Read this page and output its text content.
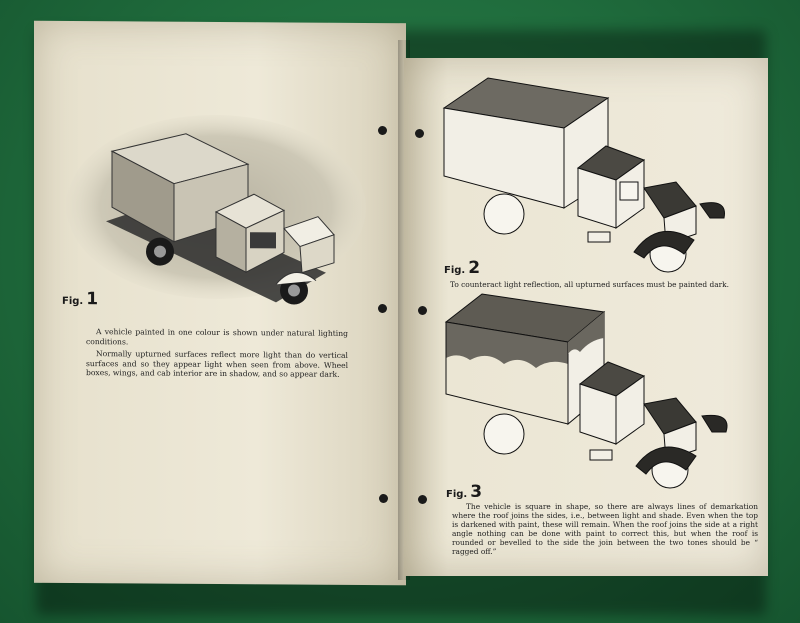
Fig. 1
A vehicle painted in one colour is shown under natural lighting conditions.
Normally upturned surfaces reflect more light than do vertical surfaces and so they appear light when seen from above. Wheel boxes, wings, and cab interior are in shadow, and so appear dark.
Fig. 2
To counteract light reflection, all upturned surfaces must be painted dark.
Fig. 3
The vehicle is square in shape, so there are always lines of demarkation where the roof joins the sides, i.e., between light and shade. Even when the top is darkened with paint, these will remain. When the roof joins the side at a right angle nothing can be done with paint to correct this, but when the roof is rounded or bevelled to the side the join between the two tones should be “ ragged off.”
